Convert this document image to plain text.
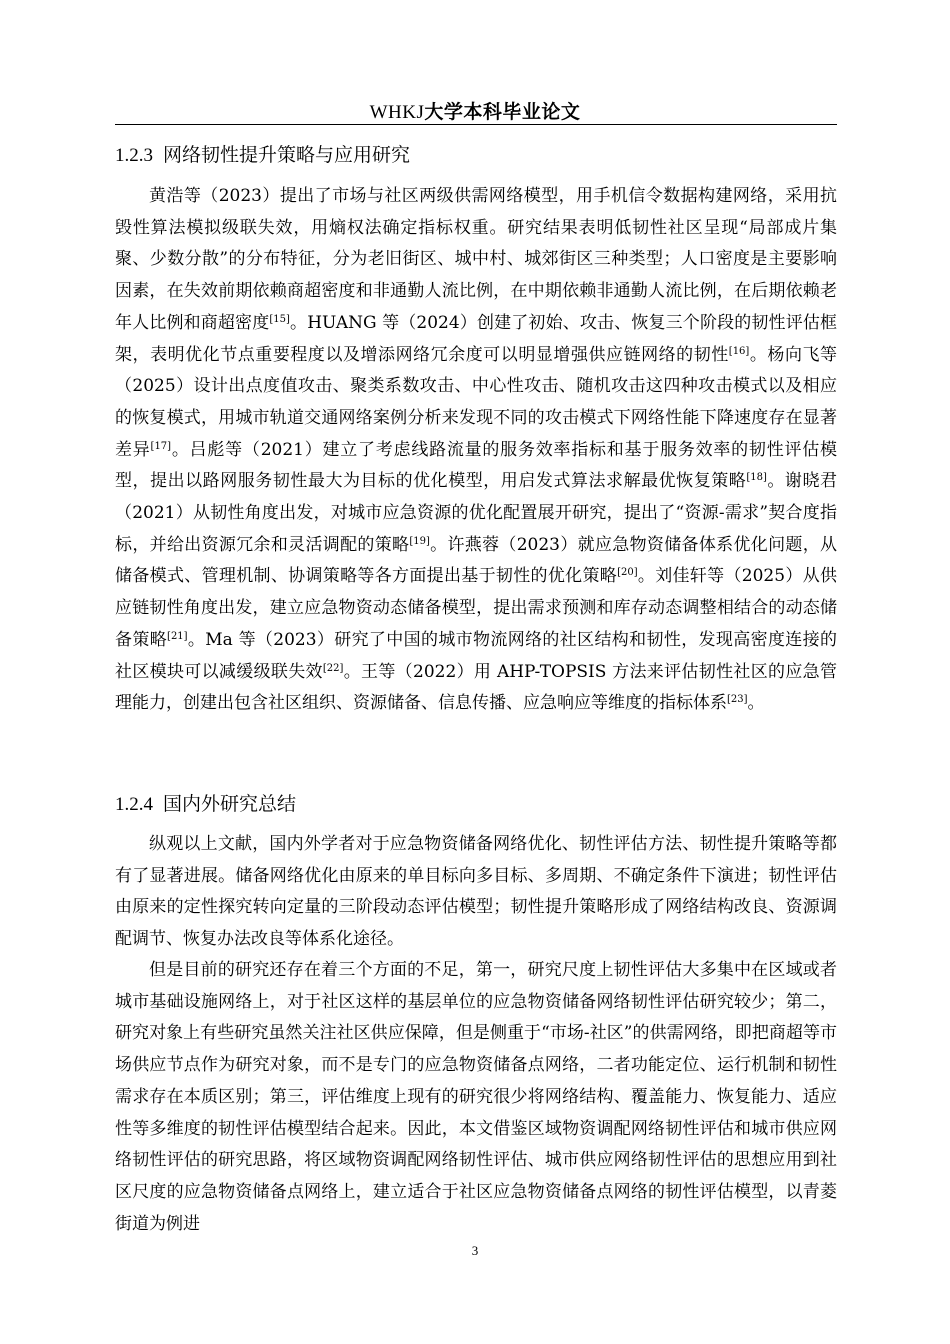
WHKJ大学本科毕业论文
1.2.3 网络韧性提升策略与应用研究

黄浩等（2023）提出了市场与社区两级供需网络模型，用手机信令数据构建网络，采用抗毁性算法模拟级联失效，用熵权法确定指标权重。研究结果表明低韧性社区呈现“局部成片集聚、少数分散”的分布特征，分为老旧街区、城中村、城郊街区三种类型；人口密度是主要影响因素，在失效前期依赖商超密度和非通勤人流比例，在中期依赖非通勤人流比例，在后期依赖老年人比例和商超密度[15]。HUANG 等（2024）创建了初始、攻击、恢复三个阶段的韧性评估框架，表明优化节点重要程度以及增添网络冗余度可以明显增强供应链网络的韧性[16]。杨向飞等（2025）设计出点度值攻击、聚类系数攻击、中心性攻击、随机攻击这四种攻击模式以及相应的恢复模式，用城市轨道交通网络案例分析来发现不同的攻击模式下网络性能下降速度存在显著差异[17]。吕彪等（2021）建立了考虑线路流量的服务效率指标和基于服务效率的韧性评估模型，提出以路网服务韧性最大为目标的优化模型，用启发式算法求解最优恢复策略[18]。谢晓君（2021）从韧性角度出发，对城市应急资源的优化配置展开研究，提出了“资源-需求”契合度指标，并给出资源冗余和灵活调配的策略[19]。许燕蓉（2023）就应急物资储备体系优化问题，从储备模式、管理机制、协调策略等各方面提出基于韧性的优化策略[20]。刘佳轩等（2025）从供应链韧性角度出发，建立应急物资动态储备模型，提出需求预测和库存动态调整相结合的动态储备策略[21]。Ma 等（2023）研究了中国的城市物流网络的社区结构和韧性，发现高密度连接的社区模块可以减缓级联失效[22]。王等（2022）用 AHP-TOPSIS 方法来评估韧性社区的应急管理能力，创建出包含社区组织、资源储备、信息传播、应急响应等维度的指标体系[23]。

1.2.4 国内外研究总结

纵观以上文献，国内外学者对于应急物资储备网络优化、韧性评估方法、韧性提升策略等都有了显著进展。储备网络优化由原来的单目标向多目标、多周期、不确定条件下演进；韧性评估由原来的定性探究转向定量的三阶段动态评估模型；韧性提升策略形成了网络结构改良、资源调配调节、恢复办法改良等体系化途径。

但是目前的研究还存在着三个方面的不足，第一，研究尺度上韧性评估大多集中在区域或者城市基础设施网络上，对于社区这样的基层单位的应急物资储备网络韧性评估研究较少；第二，研究对象上有些研究虽然关注社区供应保障，但是侧重于“市场-社区”的供需网络，即把商超等市场供应节点作为研究对象，而不是专门的应急物资储备点网络，二者功能定位、运行机制和韧性需求存在本质区别；第三，评估维度上现有的研究很少将网络结构、覆盖能力、恢复能力、适应性等多维度的韧性评估模型结合起来。因此，本文借鉴区域物资调配网络韧性评估和城市供应网络韧性评估的研究思路，将区域物资调配网络韧性评估、城市供应网络韧性评估的思想应用到社区尺度的应急物资储备点网络上，建立适合于社区应急物资储备点网络的韧性评估模型，以青菱街道为例进

3
